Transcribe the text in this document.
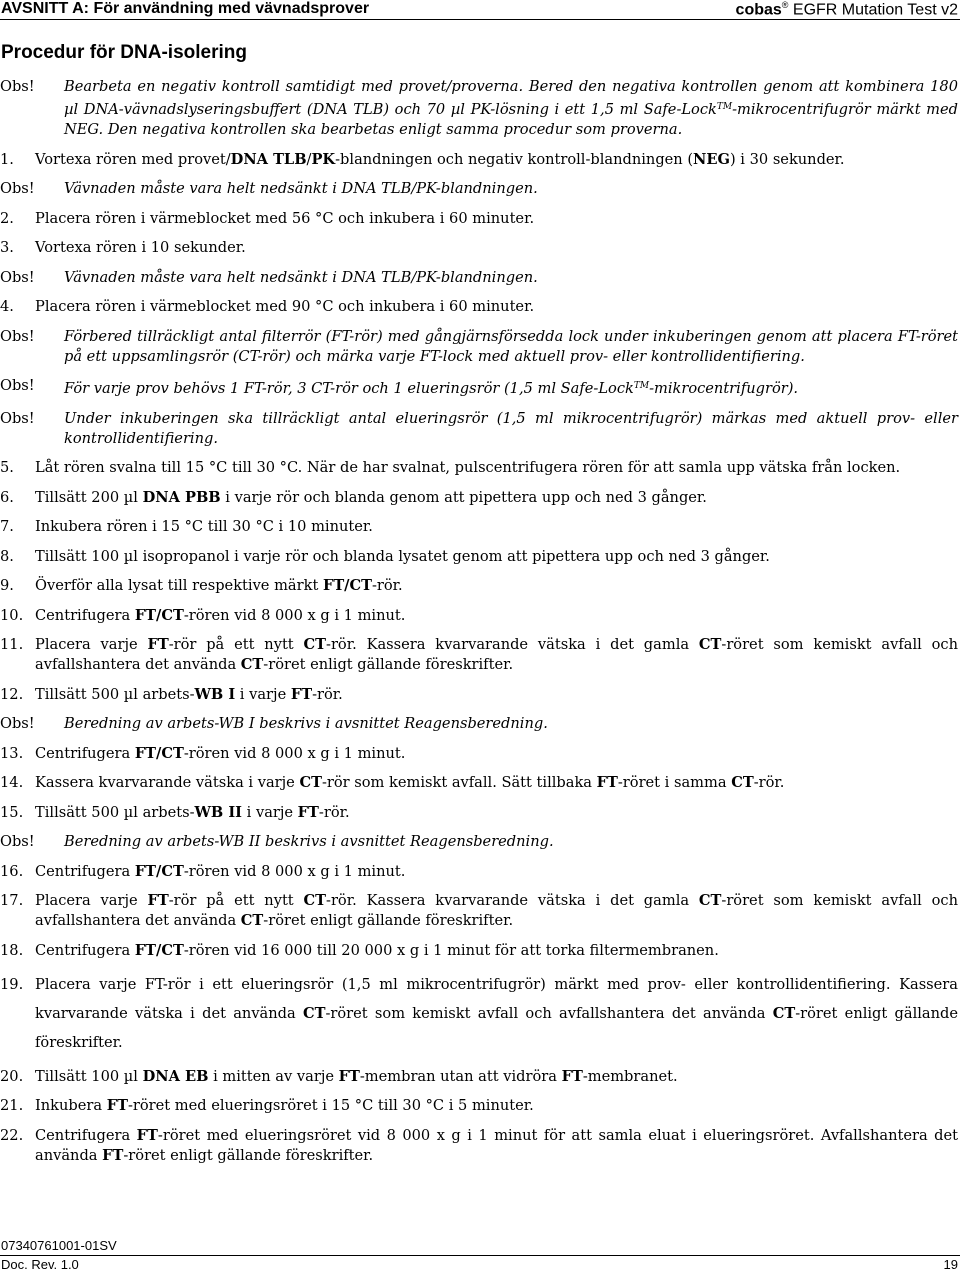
AVSNITT A: För användning med vävnadsprover	cobas® EGFR Mutation Test v2
Procedur för DNA-isolering
Obs!	Bearbeta en negativ kontroll samtidigt med provet/proverna. Bered den negativa kontrollen genom att kombinera 180 µl DNA-vävnadslyseringsbuffert (DNA TLB) och 70 µl PK-lösning i ett 1,5 ml Safe-Lock™-mikrocentrifugrör märkt med NEG. Den negativa kontrollen ska bearbetas enligt samma procedur som proverna.
1.	Vortexa rören med provet/DNA TLB/PK-blandningen och negativ kontroll-blandningen (NEG) i 30 sekunder.
Obs!	Vävnaden måste vara helt nedsänkt i DNA TLB/PK-blandningen.
2.	Placera rören i värmeblocket med 56 °C och inkubera i 60 minuter.
3.	Vortexa rören i 10 sekunder.
Obs!	Vävnaden måste vara helt nedsänkt i DNA TLB/PK-blandningen.
4.	Placera rören i värmeblocket med 90 °C och inkubera i 60 minuter.
Obs!	Förbered tillräckligt antal filterrör (FT-rör) med gångjärnsförsedda lock under inkuberingen genom att placera FT-röret på ett uppsamlingsrör (CT-rör) och märka varje FT-lock med aktuell prov- eller kontrollidentifiering.
Obs!	För varje prov behövs 1 FT-rör, 3 CT-rör och 1 elueringsrör (1,5 ml Safe-Lock™-mikrocentrifugrör).
Obs!	Under inkuberingen ska tillräckligt antal elueringsrör (1,5 ml mikrocentrifugrör) märkas med aktuell prov- eller kontrollidentifiering.
5.	Låt rören svalna till 15 °C till 30 °C. När de har svalnat, pulscentrifugera rören för att samla upp vätska från locken.
6.	Tillsätt 200 µl DNA PBB i varje rör och blanda genom att pipettera upp och ned 3 gånger.
7.	Inkubera rören i 15 °C till 30 °C i 10 minuter.
8.	Tillsätt 100 µl isopropanol i varje rör och blanda lysatet genom att pipettera upp och ned 3 gånger.
9.	Överför alla lysat till respektive märkt FT/CT-rör.
10. Centrifugera FT/CT-rören vid 8 000 x g i 1 minut.
11. Placera varje FT-rör på ett nytt CT-rör. Kassera kvarvarande vätska i det gamla CT-röret som kemiskt avfall och avfallshantera det använda CT-röret enligt gällande föreskrifter.
12. Tillsätt 500 µl arbets-WB I i varje FT-rör.
Obs!	Beredning av arbets-WB I beskrivs i avsnittet Reagensberedning.
13. Centrifugera FT/CT-rören vid 8 000 x g i 1 minut.
14. Kassera kvarvarande vätska i varje CT-rör som kemiskt avfall. Sätt tillbaka FT-röret i samma CT-rör.
15. Tillsätt 500 µl arbets-WB II i varje FT-rör.
Obs!	Beredning av arbets-WB II beskrivs i avsnittet Reagensberedning.
16. Centrifugera FT/CT-rören vid 8 000 x g i 1 minut.
17. Placera varje FT-rör på ett nytt CT-rör. Kassera kvarvarande vätska i det gamla CT-röret som kemiskt avfall och avfallshantera det använda CT-röret enligt gällande föreskrifter.
18. Centrifugera FT/CT-rören vid 16 000 till 20 000 x g i 1 minut för att torka filtermembranen.
19. Placera varje FT-rör i ett elueringsrör (1,5 ml mikrocentrifugrör) märkt med prov- eller kontrollidentifiering. Kassera kvarvarande vätska i det använda CT-röret som kemiskt avfall och avfallshantera det använda CT-röret enligt gällande föreskrifter.
20. Tillsätt 100 µl DNA EB i mitten av varje FT-membran utan att vidröra FT-membranet.
21. Inkubera FT-röret med elueringsröret i 15 °C till 30 °C i 5 minuter.
22. Centrifugera FT-röret med elueringsröret vid 8 000 x g i 1 minut för att samla eluat i elueringsröret. Avfallshantera det använda FT-röret enligt gällande föreskrifter.
07340761001-01SV
Doc. Rev. 1.0	19
